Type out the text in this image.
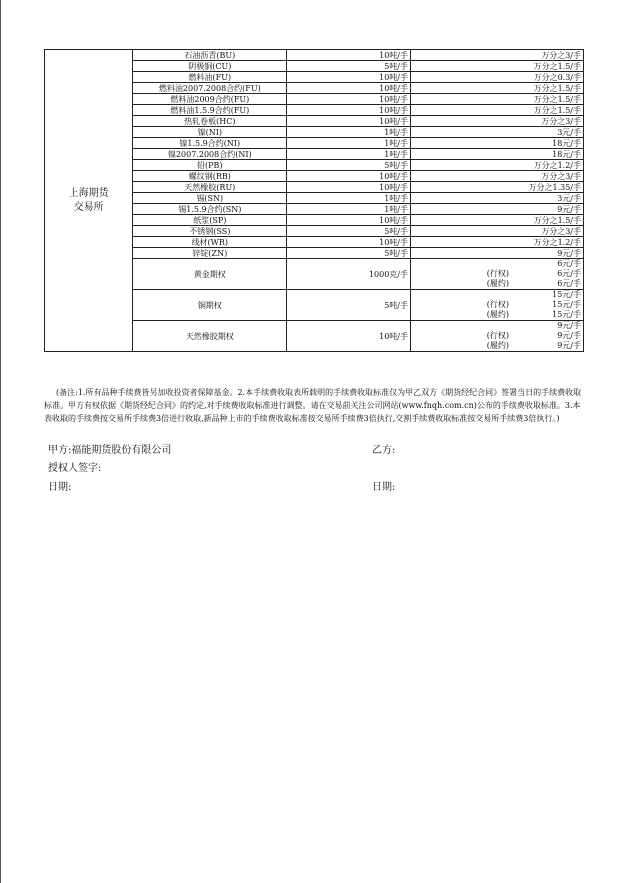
上海期货
交易所	石油沥青(BU)	10吨/手	万分之3/手
	阴极铜(CU)	5吨/手	万分之1.5/手
	燃料油(FU)	10吨/手	万分之0.3/手
	燃料油2007.2008合约(FU)	10吨/手	万分之1.5/手
	燃料油2009合约(FU)	10吨/手	万分之1.5/手
	燃料油1.5.9合约(FU)	10吨/手	万分之1.5/手
	热轧卷板(HC)	10吨/手	万分之3/手
	镍(NI)	1吨/手	3元/手
	镍1.5.9合约(NI)	1吨/手	18元/手
	镍2007.2008合约(NI)	1吨/手	18元/手
	铅(PB)	5吨/手	万分之1.2/手
	螺纹钢(RB)	10吨/手	万分之3/手
	天然橡胶(RU)	10吨/手	万分之1.35/手
	锡(SN)	1吨/手	3元/手
	锡1.5.9合约(SN)	1吨/手	9元/手
	纸浆(SP)	10吨/手	万分之1.5/手
	不锈钢(SS)	5吨/手	万分之3/手
	线材(WR)	10吨/手	万分之1.2/手
	锌锭(ZN)	5吨/手	9元/手
	黄金期权	1000克/手	6元/手
(行权) 6元/手
(履约) 6元/手

	铜期权	5吨/手	15元/手
(行权) 15元/手
(履约) 15元/手

	天然橡胶期权	10吨/手	9元/手
(行权) 9元/手
(履约) 9元/手

(备注:1.所有品种手续费皆另加收投资者保障基金。2.本手续费收取表所载明的手续费收取标准仅为甲乙双方《期货经纪合同》签署当日的手续费收取标准。甲方有权依据《期货经纪合同》的约定,对手续费收取标准进行调整。请在交易前关注公司网站(www.fnqh.com.cn)公布的手续费收取标准。3.本表收取的手续费按交易所手续费3倍进行收取,新品种上市的手续费收取标准按交易所手续费3倍执行,交割手续费收取标准按交易所手续费3倍执行。)

甲方:福能期货股份有限公司	乙方:
授权人签字:
日期:	日期:
